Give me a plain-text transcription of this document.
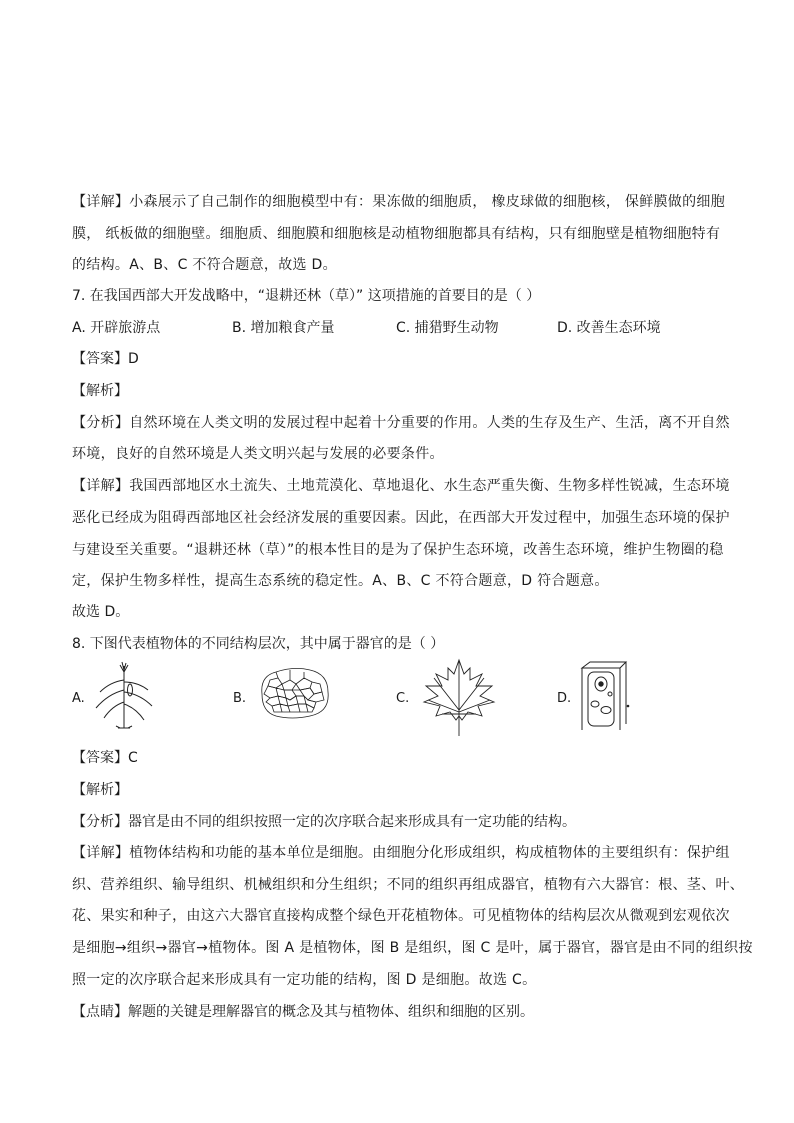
【详解】小森展示了自己制作的细胞模型中有：果冻做的细胞质， 橡皮球做的细胞核， 保鲜膜做的细胞
膜， 纸板做的细胞壁。细胞质、细胞膜和细胞核是动植物细胞都具有结构，只有细胞壁是植物细胞特有
的结构。A、B、C 不符合题意，故选 D。
7. 在我国西部大开发战略中，“退耕还林（草）” 这项措施的首要目的是（ ）
A. 开辟旅游点	B. 增加粮食产量	C. 捕猎野生动物	D. 改善生态环境
【答案】D
【解析】
【分析】自然环境在人类文明的发展过程中起着十分重要的作用。人类的生存及生产、生活，离不开自然
环境，良好的自然环境是人类文明兴起与发展的必要条件。
【详解】我国西部地区水土流失、土地荒漠化、草地退化、水生态严重失衡、生物多样性锐减，生态环境
恶化已经成为阻碍西部地区社会经济发展的重要因素。因此，在西部大开发过程中，加强生态环境的保护
与建设至关重要。“退耕还林（草）”的根本性目的是为了保护生态环境，改善生态环境，维护生物圈的稳
定，保护生物多样性，提高生态系统的稳定性。A、B、C 不符合题意，D 符合题意。
故选 D。
8. 下图代表植物体的不同结构层次，其中属于器官的是（ ）
A.	B.	C.	D.
【答案】C
【解析】
【分析】器官是由不同的组织按照一定的次序联合起来形成具有一定功能的结构。
【详解】植物体结构和功能的基本单位是细胞。由细胞分化形成组织，构成植物体的主要组织有：保护组
织、营养组织、输导组织、机械组织和分生组织；不同的组织再组成器官，植物有六大器官：根、茎、叶、
花、果实和种子，由这六大器官直接构成整个绿色开花植物体。可见植物体的结构层次从微观到宏观依次
是细胞→组织→器官→植物体。图 A 是植物体，图 B 是组织，图 C 是叶，属于器官，器官是由不同的组织按
照一定的次序联合起来形成具有一定功能的结构，图 D 是细胞。故选 C。
【点睛】解题的关键是理解器官的概念及其与植物体、组织和细胞的区别。
